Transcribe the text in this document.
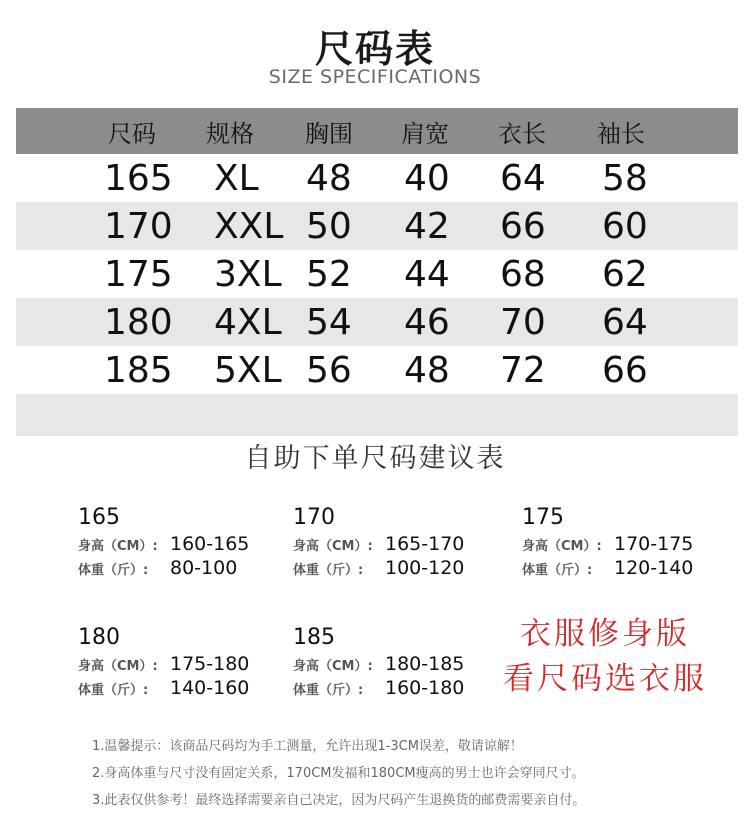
尺码表
SIZE SPECIFICATIONS
尺码 规格 胸围 肩宽 衣长 袖长
165 XL 48 40 64 58
170 XXL 50 42 66 60
175 3XL 52 44 68 62
180 4XL 54 46 70 64
185 5XL 56 48 72 66
自助下单尺码建议表
165
身高（CM）: 160-165
体重（斤）:	80-100
170
身高（CM）: 165-170
体重（斤）:	100-120
175
身高（CM）: 170-175
体重（斤）:	120-140
180
身高（CM）: 175-180
体重（斤）:	140-160
185
身高（CM）: 180-185
体重（斤）:	160-180
衣服修身版
看尺码选衣服
1.温馨提示：该商品尺码均为手工测量，允许出现1-3CM误差，敬请谅解！
2.身高体重与尺寸没有固定关系，170CM发福和180CM瘦高的男士也许会穿同尺寸。
3.此表仅供参考！最终选择需要亲自己决定，因为尺码产生退换货的邮费需要亲自付。
